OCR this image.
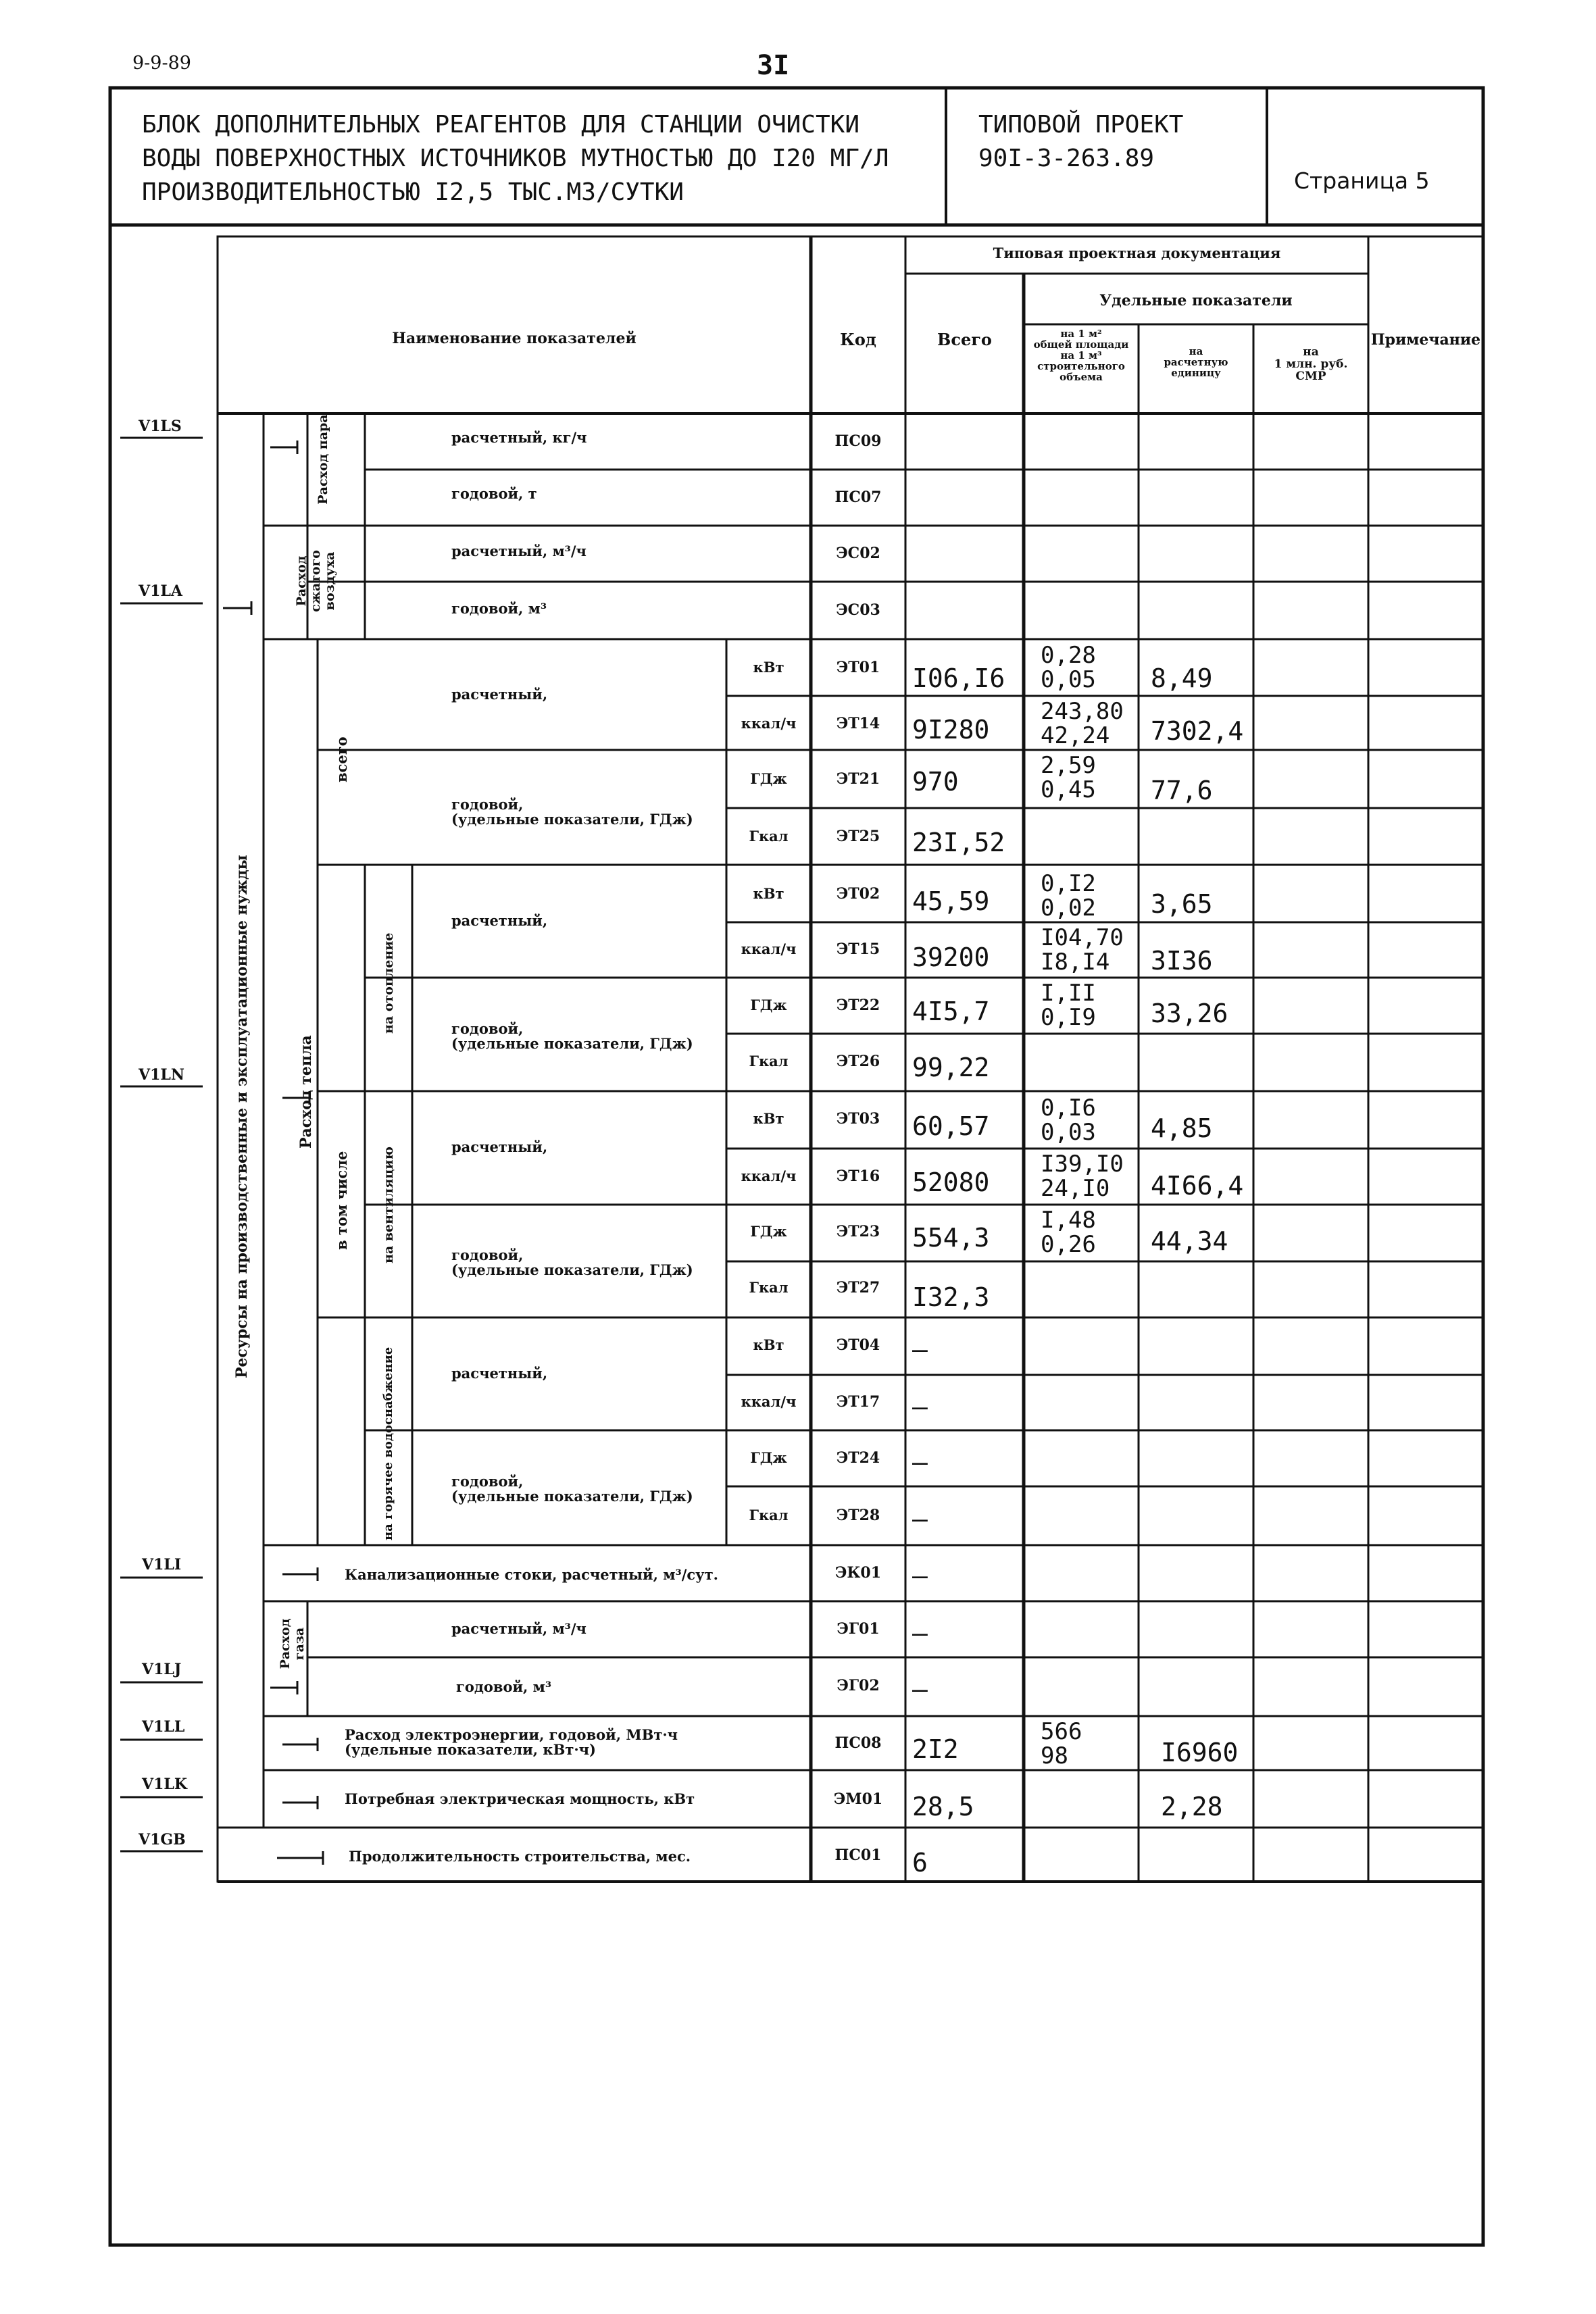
9-9-89	3I
БЛОК ДОПОЛНИТЕЛЬНЫХ РЕАГЕНТОВ ДЛЯ СТАНЦИИ ОЧИСТКИ
ВОДЫ ПОВЕРХНОСТНЫХ ИСТОЧНИКОВ МУТНОСТЬЮ ДО I20 МГ/Л
ПРОИЗВОДИТЕЛЬНОСТЬЮ I2,5 ТЫС.МЗ/СУТКИ
ТИПОВОЙ ПРОЕКТ
90I-3-263.89
Страница 5
V1LS
V1LA
V1LN
V1LI
V1LJ
V1LL
V1LK
V1GB
Наименование показателей	Код
Типовая проектная документация
Всего
Удельные показатели
на 1 м²
общей площади
на 1 м³
строительного
объема
на
расчетную
единицу
на
1 млн. руб.
СМР
Примечание
Ресурсы на производственные и эксплуатационные нужды
Расход пара
Расход сжатого воздуха
Расход тепла
всего
в том числе
на отопление
на вентиляцию
на горячее водоснабжение
Расход газа
расчетный, кг/ч
годовой, т
расчетный, м³/ч
годовой, м³
расчетный,
годовой,
(удельные показатели, ГДж)
расчетный,
годовой,
(удельные показатели, ГДж)
расчетный,
годовой,
(удельные показатели, ГДж)
расчетный,
годовой,
(удельные показатели, ГДж)
Канализационные стоки, расчетный, м³/сут.
расчетный, м³/ч
годовой, м³
Расход электроэнергии, годовой, МВт·ч
(удельные показатели, кВт·ч)
Потребная электрическая мощность, кВт
Продолжительность строительства, мес.
кВт
ккал/ч
ГДж
Гкал
кВт
ккал/ч
ГДж
Гкал
кВт
ккал/ч
ГДж
Гкал
кВт
ккал/ч
ГДж
Гкал
ПС09
ПС07
ЭС02
ЭС03
ЭТ01
ЭТ14
ЭТ21
ЭТ25
ЭТ02
ЭТ15
ЭТ22
ЭТ26
ЭТ03
ЭТ16
ЭТ23
ЭТ27
ЭТ04
ЭТ17
ЭТ24
ЭТ28
ЭК01
ЭГ01
ЭГ02
ПС08
ЭМ01
ПС01
I06,I6
9I280
970
23I,52
45,59
39200
4I5,7
99,22
60,57
52080
554,3
I32,3
–
–
–
–
–
–
–
2I2
28,5
6
0,28
0,05
243,80
42,24
2,59
0,45
0,I2
0,02
I04,70
I8,I4
I,II
0,I9
0,I6
0,03
I39,I0
24,I0
I,48
0,26
566
98
8,49
7302,4
77,6
3,65
3I36
33,26
4,85
4I66,4
44,34
I6960
2,28
